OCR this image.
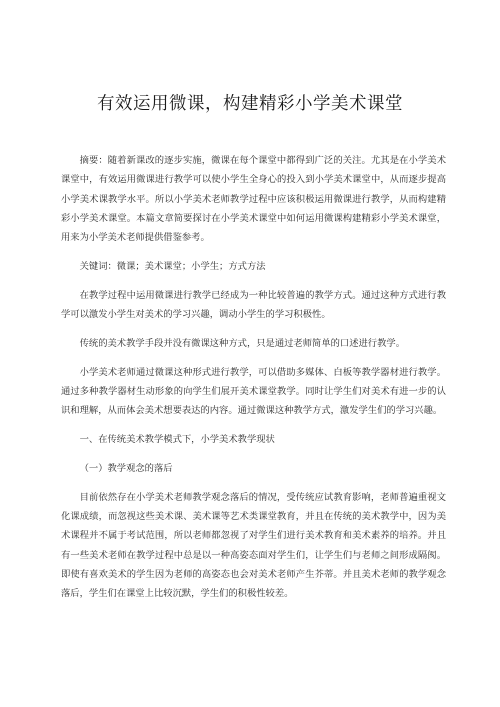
有效运用微课，构建精彩小学美术课堂

摘要：随着新课改的逐步实施，微课在每个课堂中都得到广泛的关注。尤其是在小学美术课堂中，有效运用微课进行教学可以使小学生全身心的投入到小学美术课堂中，从而逐步提高小学美术课教学水平。所以小学美术老师教学过程中应该积极运用微课进行教学，从而构建精彩小学美术课堂。本篇文章简要探讨在小学美术课堂中如何运用微课构建精彩小学美术课堂，用来为小学美术老师提供借鉴参考。

关键词：微课；美术课堂；小学生；方式方法

在教学过程中运用微课进行教学已经成为一种比较普遍的教学方式。通过这种方式进行教学可以激发小学生对美术的学习兴趣，调动小学生的学习积极性。

传统的美术教学手段并没有微课这种方式，只是通过老师简单的口述进行教学。

小学美术老师通过微课这种形式进行教学，可以借助多媒体、白板等教学器材进行教学。通过多种教学器材生动形象的向学生们展开美术课堂教学。同时让学生们对美术有进一步的认识和理解，从而体会美术想要表达的内容。通过微课这种教学方式，激发学生们的学习兴趣。

一、在传统美术教学模式下，小学美术教学现状

（一）教学观念的落后

目前依然存在小学美术老师教学观念落后的情况，受传统应试教育影响，老师普遍重视文化课成绩，而忽视这些美术课、美术课等艺术类课堂教育，并且在传统的美术教学中，因为美术课程并不属于考试范围，所以老师都忽视了对学生们进行美术教育和美术素养的培养。并且有一些美术老师在教学过程中总是以一种高姿态面对学生们，让学生们与老师之间形成隔阂。即使有喜欢美术的学生因为老师的高姿态也会对美术老师产生芥蒂。并且美术老师的教学观念落后，学生们在课堂上比较沉默，学生们的积极性较差。
